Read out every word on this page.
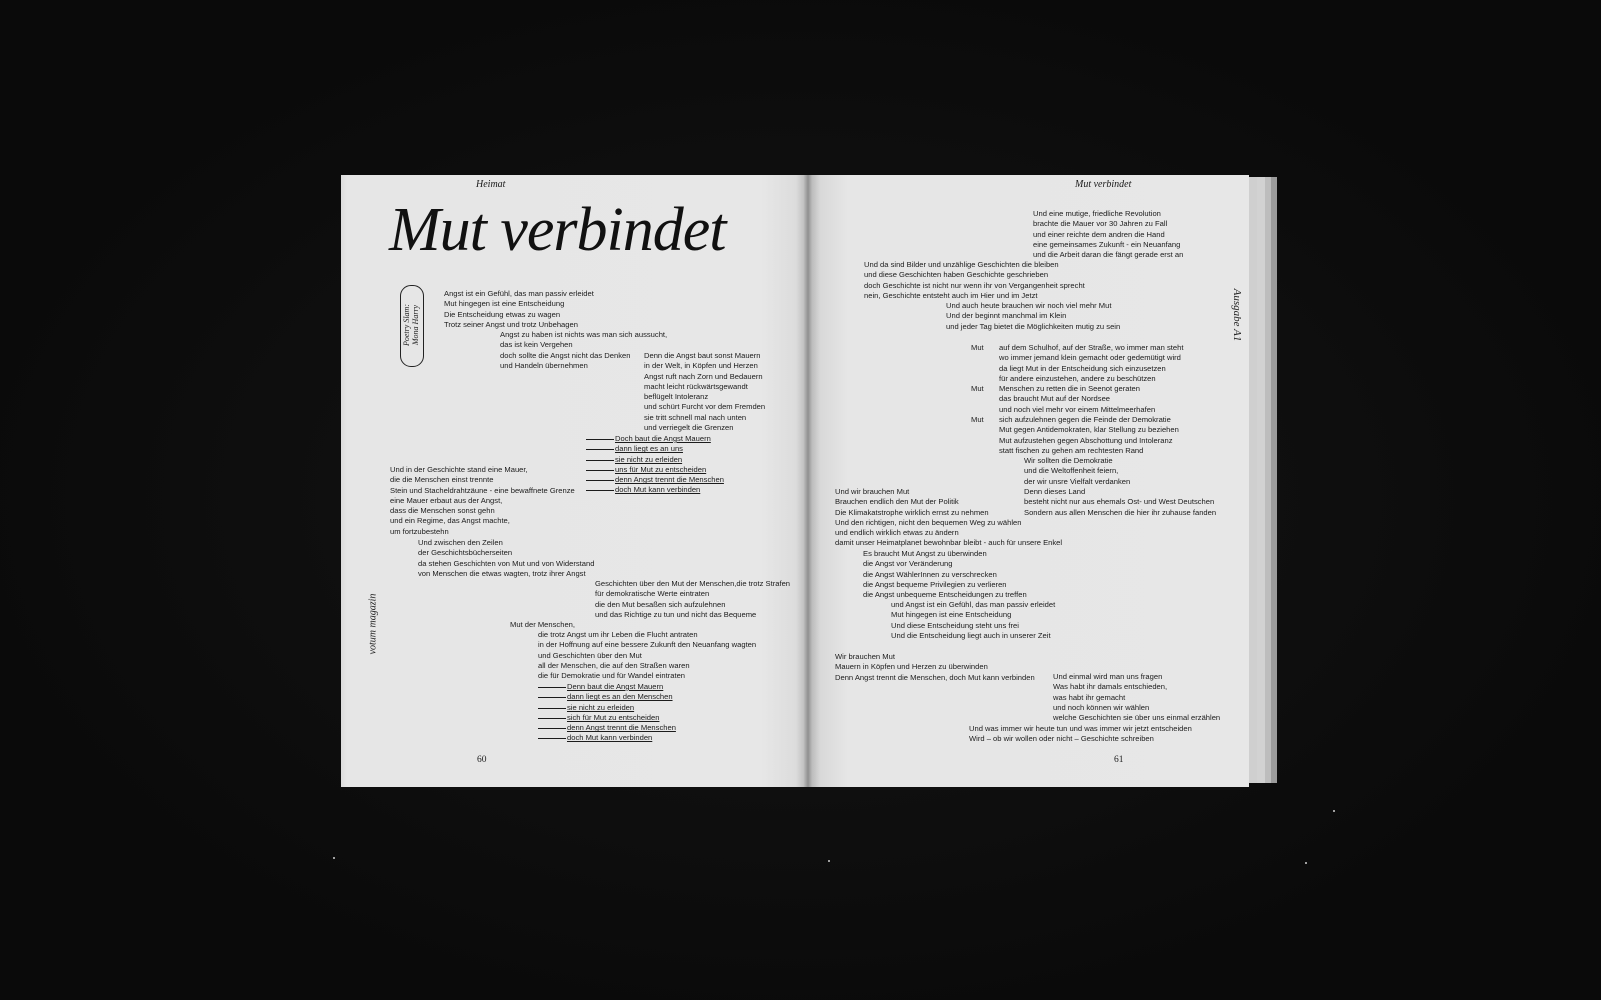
Heimat
Mut verbindet
Poetry Slam: Mona Harry
votum magazin
60
Angst ist ein Gefühl, das man passiv erleidet
Mut hingegen ist eine Entscheidung
Die Entscheidung etwas zu wagen
Trotz seiner Angst und trotz Unbehagen
Angst zu haben ist nichts was man sich aussucht,
das ist kein Vergehen
doch sollte die Angst nicht das Denken
und Handeln übernehmen
Denn die Angst baut sonst Mauern
in der Welt, in Köpfen und Herzen
Angst ruft nach Zorn und Bedauern
macht leicht rückwärtsgewandt
beflügelt Intoleranz
und schürt Furcht vor dem Fremden
sie tritt schnell mal nach unten
und verriegelt die Grenzen
Doch baut die Angst Mauern
dann liegt es an uns
sie nicht zu erleiden
uns für Mut zu entscheiden
denn Angst trennt die Menschen
doch Mut kann verbinden
Und in der Geschichte stand eine Mauer,
die die Menschen einst trennte
Stein und Stacheldrahtzäune - eine bewaffnete Grenze
eine Mauer erbaut aus der Angst,
dass die Menschen sonst gehn
und ein Regime, das Angst machte,
um fortzubestehn
Und zwischen den Zeilen
der Geschichtsbücherseiten
da stehen Geschichten von Mut und von Widerstand
von Menschen die etwas wagten, trotz ihrer Angst
Geschichten über den Mut der Menschen,die trotz Strafen
für demokratische Werte eintraten
die den Mut besaßen sich aufzulehnen
und das Richtige zu tun und nicht das Bequeme
Mut der Menschen,
die trotz Angst um ihr Leben die Flucht antraten
in der Hoffnung auf eine bessere Zukunft den Neuanfang wagten
und Geschichten über den Mut
all der Menschen, die auf den Straßen waren
die für Demokratie und für Wandel eintraten
Denn baut die Angst Mauern
dann liegt es an den Menschen
sie nicht zu erleiden
sich für Mut zu entscheiden
denn Angst trennt die Menschen
doch Mut kann verbinden
Mut verbindet
61
Und eine mutige, friedliche Revolution
brachte die Mauer vor 30 Jahren zu Fall
und einer reichte dem andren die Hand
eine gemeinsames Zukunft - ein Neuanfang
und die Arbeit daran die fängt gerade erst an
Und da sind Bilder und unzählige Geschichten die bleiben
und diese Geschichten haben Geschichte geschrieben
doch Geschichte ist nicht nur wenn ihr von Vergangenheit sprecht
nein, Geschichte entsteht auch im Hier und im Jetzt
Und auch heute brauchen wir noch viel mehr Mut
Und der beginnt manchmal im Klein
und jeder Tag bietet die Möglichkeiten mutig zu sein
Mut
Mut
Mut
auf dem Schulhof, auf der Straße, wo immer man steht
wo immer jemand klein gemacht oder gedemütigt wird
da liegt Mut in der Entscheidung sich einzusetzen
für andere einzustehen, andere zu beschützen
Menschen zu retten die in Seenot geraten
das braucht Mut auf der Nordsee
und noch viel mehr vor einem Mittelmeerhafen
sich aufzulehnen gegen die Feinde der Demokratie
Mut gegen Antidemokraten, klar Stellung zu beziehen
Mut aufzustehen gegen Abschottung und Intoleranz
statt fischen zu gehen am rechtesten Rand
Wir sollten die Demokratie
und die Weltoffenheit feiern,
der wir unsre Vielfalt verdanken
Denn dieses Land
besteht nicht nur aus ehemals Ost- und West Deutschen
Sondern aus allen Menschen die hier ihr zuhause fanden
Und wir brauchen Mut
Brauchen endlich den Mut der Politik
Die Klimakatstrophe wirklich ernst zu nehmen
Und den richtigen, nicht den bequemen Weg zu wählen
und endlich wirklich etwas zu ändern
damit unser Heimatplanet bewohnbar bleibt - auch für unsere Enkel
Es braucht Mut Angst zu überwinden
die Angst vor Veränderung
die Angst WählerInnen zu verschrecken
die Angst bequeme Privilegien zu verlieren
die Angst unbequeme Entscheidungen zu treffen
und Angst ist ein Gefühl, das man passiv erleidet
Mut hingegen ist eine Entscheidung
Und diese Entscheidung steht uns frei
Und die Entscheidung liegt auch in unserer Zeit
Wir brauchen Mut
Mauern in Köpfen und Herzen zu überwinden
Denn Angst trennt die Menschen, doch Mut kann verbinden Und einmal wird man uns fragen
Was habt ihr damals entschieden,
was habt ihr gemacht
und noch können wir wählen
welche Geschichten sie über uns einmal erzählen
Und was immer wir heute tun und was immer wir jetzt entscheiden
Wird – ob wir wollen oder nicht – Geschichte schreiben
Ausgabe A1
